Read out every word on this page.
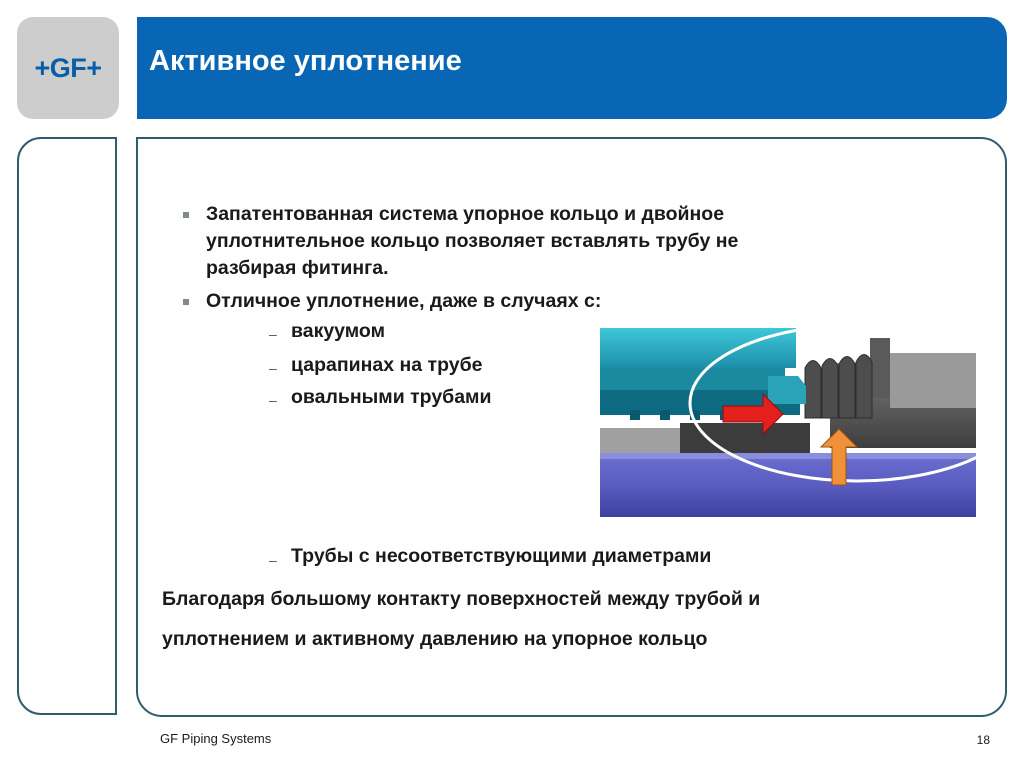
+GF+ Активное уплотнение
Запатентованная система упорное кольцо и двойное
уплотнительное кольцо позволяет вставлять трубу не
разбирая фитинга.
Отличное уплотнение, даже в случаях с:
– вакуумом
– царапинах на трубе
– овальными трубами
– Трубы с несоответствующими диаметрами
Благодаря большому контакту поверхностей между трубой и
уплотнением и активному давлению на упорное кольцо
GF Piping Systems	18
